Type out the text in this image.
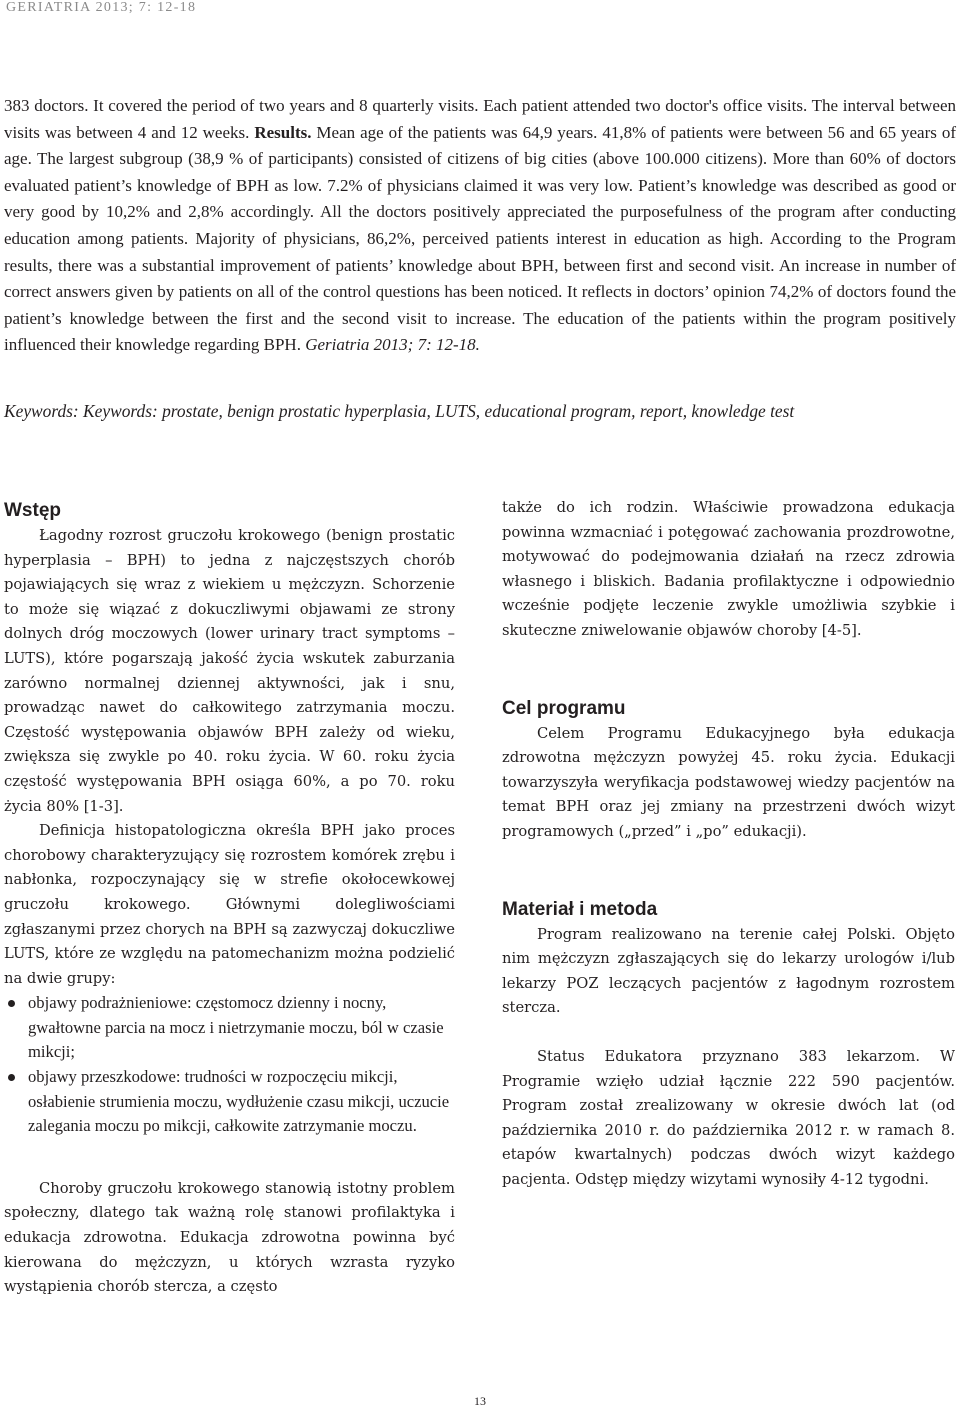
GERIATRIA 2013; 7: 12-18

383 doctors. It covered the period of two years and 8 quarterly visits. Each patient attended two doctor's office visits. The interval between visits was between 4 and 12 weeks. Results. Mean age of the patients was 64,9 years. 41,8% of patients were between 56 and 65 years of age. The largest subgroup (38,9 % of participants) consisted of citizens of big cities (above 100.000 citizens). More than 60% of doctors evaluated patient’s knowledge of BPH as low. 7.2% of physicians claimed it was very low. Patient’s knowledge was described as good or very good by 10,2% and 2,8% accordingly. All the doctors positively appreciated the purposefulness of the program after conducting education among patients. Majority of physicians, 86,2%, perceived patients interest in education as high. According to the Program results, there was a substantial improvement of patients’ knowledge about BPH, between first and second visit. An increase in number of correct answers given by patients on all of the control questions has been noticed. It reflects in doctors’ opinion 74,2% of doctors found the patient’s knowledge between the first and the second visit to increase. The education of the patients within the program positively influenced their knowledge regarding BPH. Geriatria 2013; 7: 12-18.

Keywords: Keywords: prostate, benign prostatic hyperplasia, LUTS, educational program, report, knowledge test

Wstęp

Łagodny rozrost gruczołu krokowego (benign prostatic hyperplasia – BPH) to jedna z najczęstszych chorób pojawiających się wraz z wiekiem u mężczyzn. Schorzenie to może się wiązać z dokuczliwymi objawami ze strony dolnych dróg moczowych (lower urinary tract symptoms – LUTS), które pogarszają jakość życia wskutek zaburzania zarówno normalnej dziennej aktywności, jak i snu, prowadząc nawet do całkowitego zatrzymania moczu. Częstość występowania objawów BPH zależy od wieku, zwiększa się zwykle po 40. roku życia. W 60. roku życia częstość występowania BPH osiąga 60%, a po 70. roku życia 80% [1-3].

Definicja histopatologiczna określa BPH jako proces chorobowy charakteryzujący się rozrostem komórek zrębu i nabłonka, rozpoczynający się w strefie okołocewkowej gruczołu krokowego. Głównymi dolegliwościami zgłaszanymi przez chorych na BPH są zazwyczaj dokuczliwe LUTS, które ze względu na patomechanizm można podzielić na dwie grupy:

objawy podrażnieniowe: częstomocz dzienny i nocny, gwałtowne parcia na mocz i nietrzymanie moczu, ból w czasie mikcji;
objawy przeszkodowe: trudności w rozpoczęciu mikcji, osłabienie strumienia moczu, wydłużenie czasu mikcji, uczucie zalegania moczu po mikcji, całkowite zatrzymanie moczu.

Choroby gruczołu krokowego stanowią istotny problem społeczny, dlatego tak ważną rolę stanowi profilaktyka i edukacja zdrowotna. Edukacja zdrowotna powinna być kierowana do mężczyzn, u których wzrasta ryzyko wystąpienia chorób stercza, a często

także do ich rodzin. Właściwie prowadzona edukacja powinna wzmacniać i potęgować zachowania prozdrowotne, motywować do podejmowania działań na rzecz zdrowia własnego i bliskich. Badania profilaktyczne i odpowiednio wcześnie podjęte leczenie zwykle umożliwia szybkie i skuteczne zniwelowanie objawów choroby [4-5].

Cel programu

Celem Programu Edukacyjnego była edukacja zdrowotna mężczyzn powyżej 45. roku życia. Edukacji towarzyszyła weryfikacja podstawowej wiedzy pacjentów na temat BPH oraz jej zmiany na przestrzeni dwóch wizyt programowych („przed” i „po” edukacji).

Materiał i metoda

Program realizowano na terenie całej Polski. Objęto nim mężczyzn zgłaszających się do lekarzy urologów i/lub lekarzy POZ leczących pacjentów z łagodnym rozrostem stercza.

Status Edukatora przyznano 383 lekarzom. W Programie wzięło udział łącznie 222 590 pacjentów. Program został zrealizowany w okresie dwóch lat (od października 2010 r. do października 2012 r. w ramach 8. etapów kwartalnych) podczas dwóch wizyt każdego pacjenta. Odstęp między wizytami wynosiły 4-12 tygodni.

13
